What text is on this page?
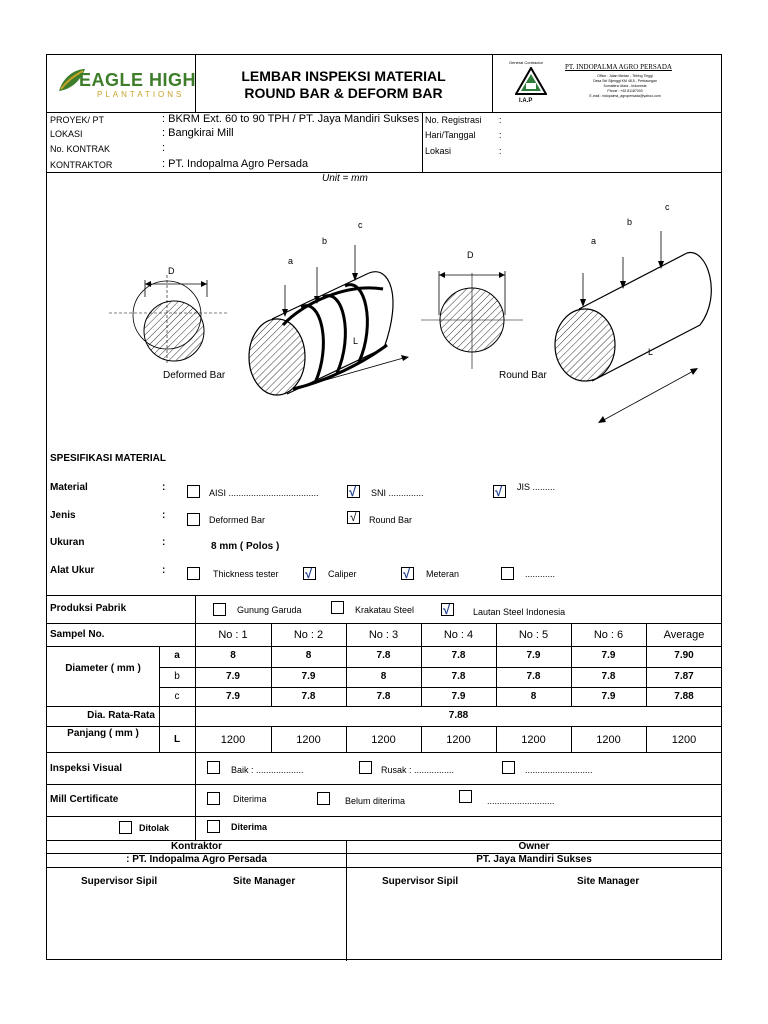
EAGLE HIGH
PLANTATIONS
LEMBAR INSPEKSI MATERIAL
ROUND BAR & DEFORM BAR
General Contractor
I.A.P
PT. INDOPALMA AGRO PERSADA
Office : Jalan Medan - Tebing Tinggi
Desa Sei Sijenggi KM 48,5 - Perbaungan
Sumatera Utara - Indonesia
Phone : +62 81187003
E-mail : indopalma_agropersada@yahoo.com
PROYEK/ PT	: BKRM Ext. 60 to 90 TPH / PT. Jaya Mandiri Sukses
LOKASI	: Bangkirai Mill
No. KONTRAK	:
KONTRAKTOR	: PT. Indopalma Agro Persada
No. Registrasi :
Hari/Tanggal	:
Lokasi	:
Unit = mm
D
a
b
c
L
Deformed Bar
D
a
b
c
L
Round Bar
SPESIFIKASI MATERIAL
Material	:	AISI .................................... √ SNI ..............	√ JIS .........
Jenis	:	Deformed Bar	√ Round Bar
Ukuran	:	8 mm ( Polos )
Alat Ukur	:	Thickness tester √ Caliper	√ Meteran	............
Produksi Pabrik	Gunung Garuda	Krakatau Steel √	Lautan Steel Indonesia
Sampel No.	No : 1	No : 2	No : 3	No : 4	No : 5	No : 6	Average
Diameter ( mm )
a	8	8	7.8	7.8	7.9	7.9	7.90
b	7.9	7.9	8	7.8	7.8	7.8	7.87
c	7.9	7.8	7.8	7.9	8	7.9	7.88
Dia. Rata-Rata	7.88
Panjang ( mm )
L	1200	1200	1200	1200	1200	1200	1200
Inspeksi Visual	Baik : ...................	Rusak : ................	...........................
Mill Certificate	Diterima	Belum diterima	...........................
Ditolak	Diterima
Kontraktor	Owner
: PT. Indopalma Agro Persada	PT. Jaya Mandiri Sukses
Supervisor Sipil	Site Manager	Supervisor Sipil	Site Manager
